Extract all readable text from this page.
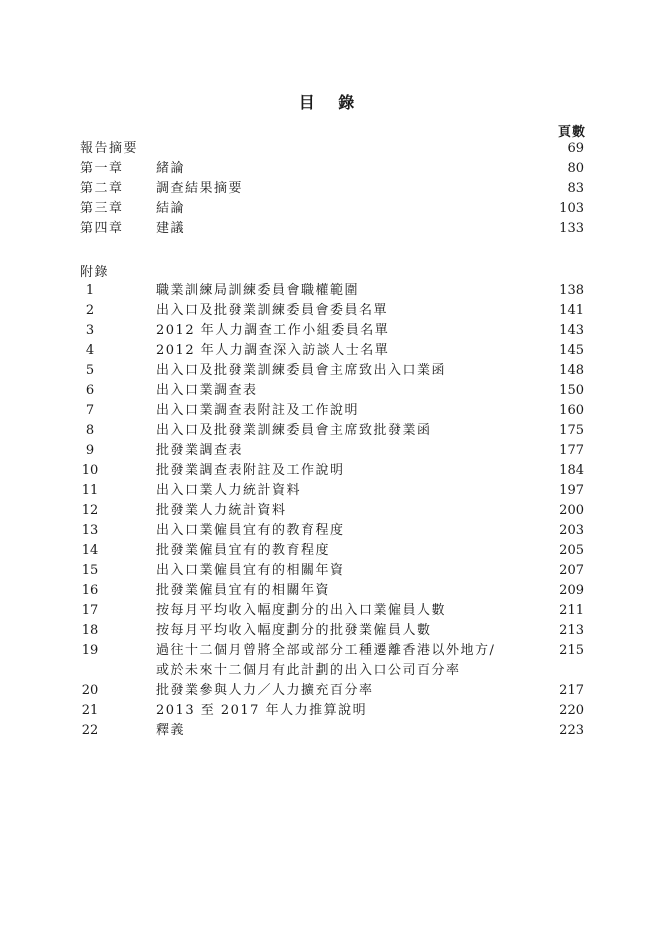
目 錄
頁數
報告摘要	69
第一章 緒論	80
第二章 調查結果摘要	83
第三章 結論	103
第四章 建議	133
附錄
1	職業訓練局訓練委員會職權範圍	138
2	出入口及批發業訓練委員會委員名單	141
3	2012 年人力調查工作小組委員名單	143
4	2012 年人力調查深入訪談人士名單	145
5	出入口及批發業訓練委員會主席致出入口業函	148
6	出入口業調查表	150
7	出入口業調查表附註及工作說明	160
8	出入口及批發業訓練委員會主席致批發業函	175
9	批發業調查表	177
10	批發業調查表附註及工作說明	184
11	出入口業人力統計資料	197
12	批發業人力統計資料	200
13	出入口業僱員宜有的教育程度	203
14	批發業僱員宜有的教育程度	205
15	出入口業僱員宜有的相關年資	207
16	批發業僱員宜有的相關年資	209
17	按每月平均收入幅度劃分的出入口業僱員人數	211
18	按每月平均收入幅度劃分的批發業僱員人數	213
19	過往十二個月曾將全部或部分工種遷離香港以外地方/
或於未來十二個月有此計劃的出入口公司百分率
215
20	批發業參與人力／人力擴充百分率	217
21	2013 至 2017 年人力推算說明	220
22	釋義	223
